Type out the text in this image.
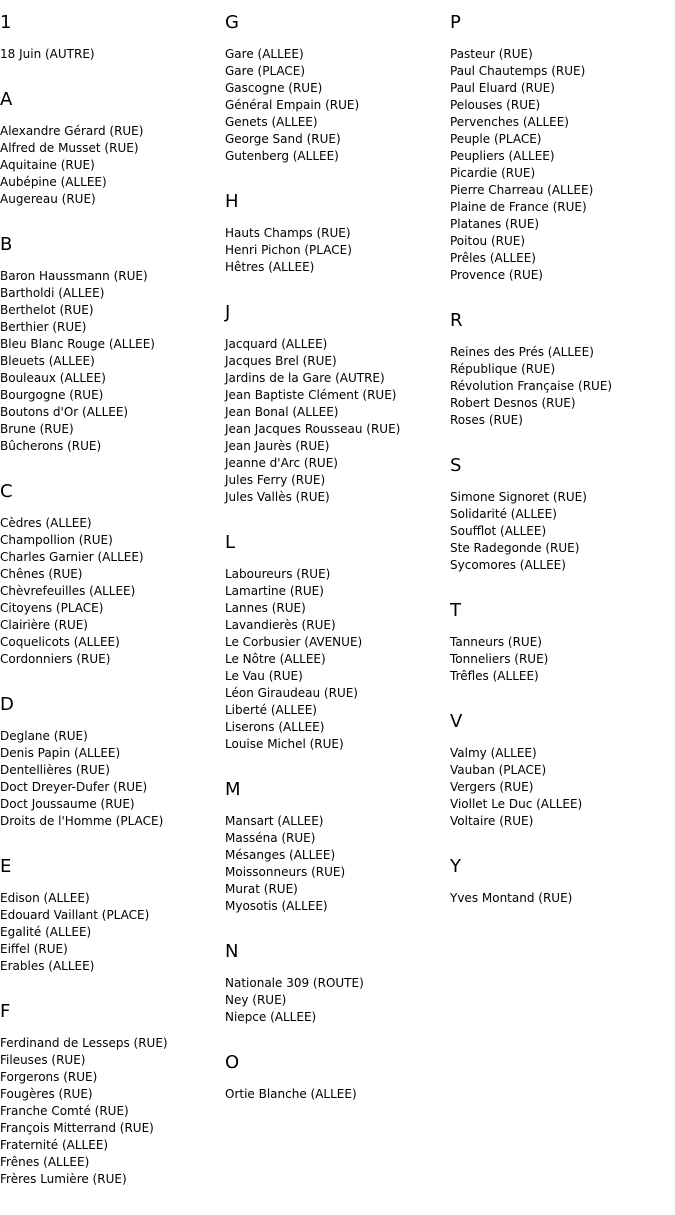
1
18 Juin (AUTRE)
A
Alexandre Gérard (RUE)
Alfred de Musset (RUE)
Aquitaine (RUE)
Aubépine (ALLEE)
Augereau (RUE)
B
Baron Haussmann (RUE)
Bartholdi (ALLEE)
Berthelot (RUE)
Berthier (RUE)
Bleu Blanc Rouge (ALLEE)
Bleuets (ALLEE)
Bouleaux (ALLEE)
Bourgogne (RUE)
Boutons d'Or (ALLEE)
Brune (RUE)
Bûcherons (RUE)
C
Cèdres (ALLEE)
Champollion (RUE)
Charles Garnier (ALLEE)
Chênes (RUE)
Chèvrefeuilles (ALLEE)
Citoyens (PLACE)
Clairière (RUE)
Coquelicots (ALLEE)
Cordonniers (RUE)
D
Deglane (RUE)
Denis Papin (ALLEE)
Dentellières (RUE)
Doct Dreyer-Dufer (RUE)
Doct Joussaume (RUE)
Droits de l'Homme (PLACE)
E
Edison (ALLEE)
Edouard Vaillant (PLACE)
Egalité (ALLEE)
Eiffel (RUE)
Erables (ALLEE)
F
Ferdinand de Lesseps (RUE)
Fileuses (RUE)
Forgerons (RUE)
Fougères (RUE)
Franche Comté (RUE)
François Mitterrand (RUE)
Fraternité (ALLEE)
Frênes (ALLEE)
Frères Lumière (RUE)
G
Gare (ALLEE)
Gare (PLACE)
Gascogne (RUE)
Général Empain (RUE)
Genets (ALLEE)
George Sand (RUE)
Gutenberg (ALLEE)
H
Hauts Champs (RUE)
Henri Pichon (PLACE)
Hêtres (ALLEE)
J
Jacquard (ALLEE)
Jacques Brel (RUE)
Jardins de la Gare (AUTRE)
Jean Baptiste Clément (RUE)
Jean Bonal (ALLEE)
Jean Jacques Rousseau (RUE)
Jean Jaurès (RUE)
Jeanne d'Arc (RUE)
Jules Ferry (RUE)
Jules Vallès (RUE)
L
Laboureurs (RUE)
Lamartine (RUE)
Lannes (RUE)
Lavandierès (RUE)
Le Corbusier (AVENUE)
Le Nôtre (ALLEE)
Le Vau (RUE)
Léon Giraudeau (RUE)
Liberté (ALLEE)
Liserons (ALLEE)
Louise Michel (RUE)
M
Mansart (ALLEE)
Masséna (RUE)
Mésanges (ALLEE)
Moissonneurs (RUE)
Murat (RUE)
Myosotis (ALLEE)
N
Nationale 309 (ROUTE)
Ney (RUE)
Niepce (ALLEE)
O
Ortie Blanche (ALLEE)
P
Pasteur (RUE)
Paul Chautemps (RUE)
Paul Eluard (RUE)
Pelouses (RUE)
Pervenches (ALLEE)
Peuple (PLACE)
Peupliers (ALLEE)
Picardie (RUE)
Pierre Charreau (ALLEE)
Plaine de France (RUE)
Platanes (RUE)
Poitou (RUE)
Prêles (ALLEE)
Provence (RUE)
R
Reines des Prés (ALLEE)
République (RUE)
Révolution Française (RUE)
Robert Desnos (RUE)
Roses (RUE)
S
Simone Signoret (RUE)
Solidarité (ALLEE)
Soufflot (ALLEE)
Ste Radegonde (RUE)
Sycomores (ALLEE)
T
Tanneurs (RUE)
Tonneliers (RUE)
Trêfles (ALLEE)
V
Valmy (ALLEE)
Vauban (PLACE)
Vergers (RUE)
Viollet Le Duc (ALLEE)
Voltaire (RUE)
Y
Yves Montand (RUE)
